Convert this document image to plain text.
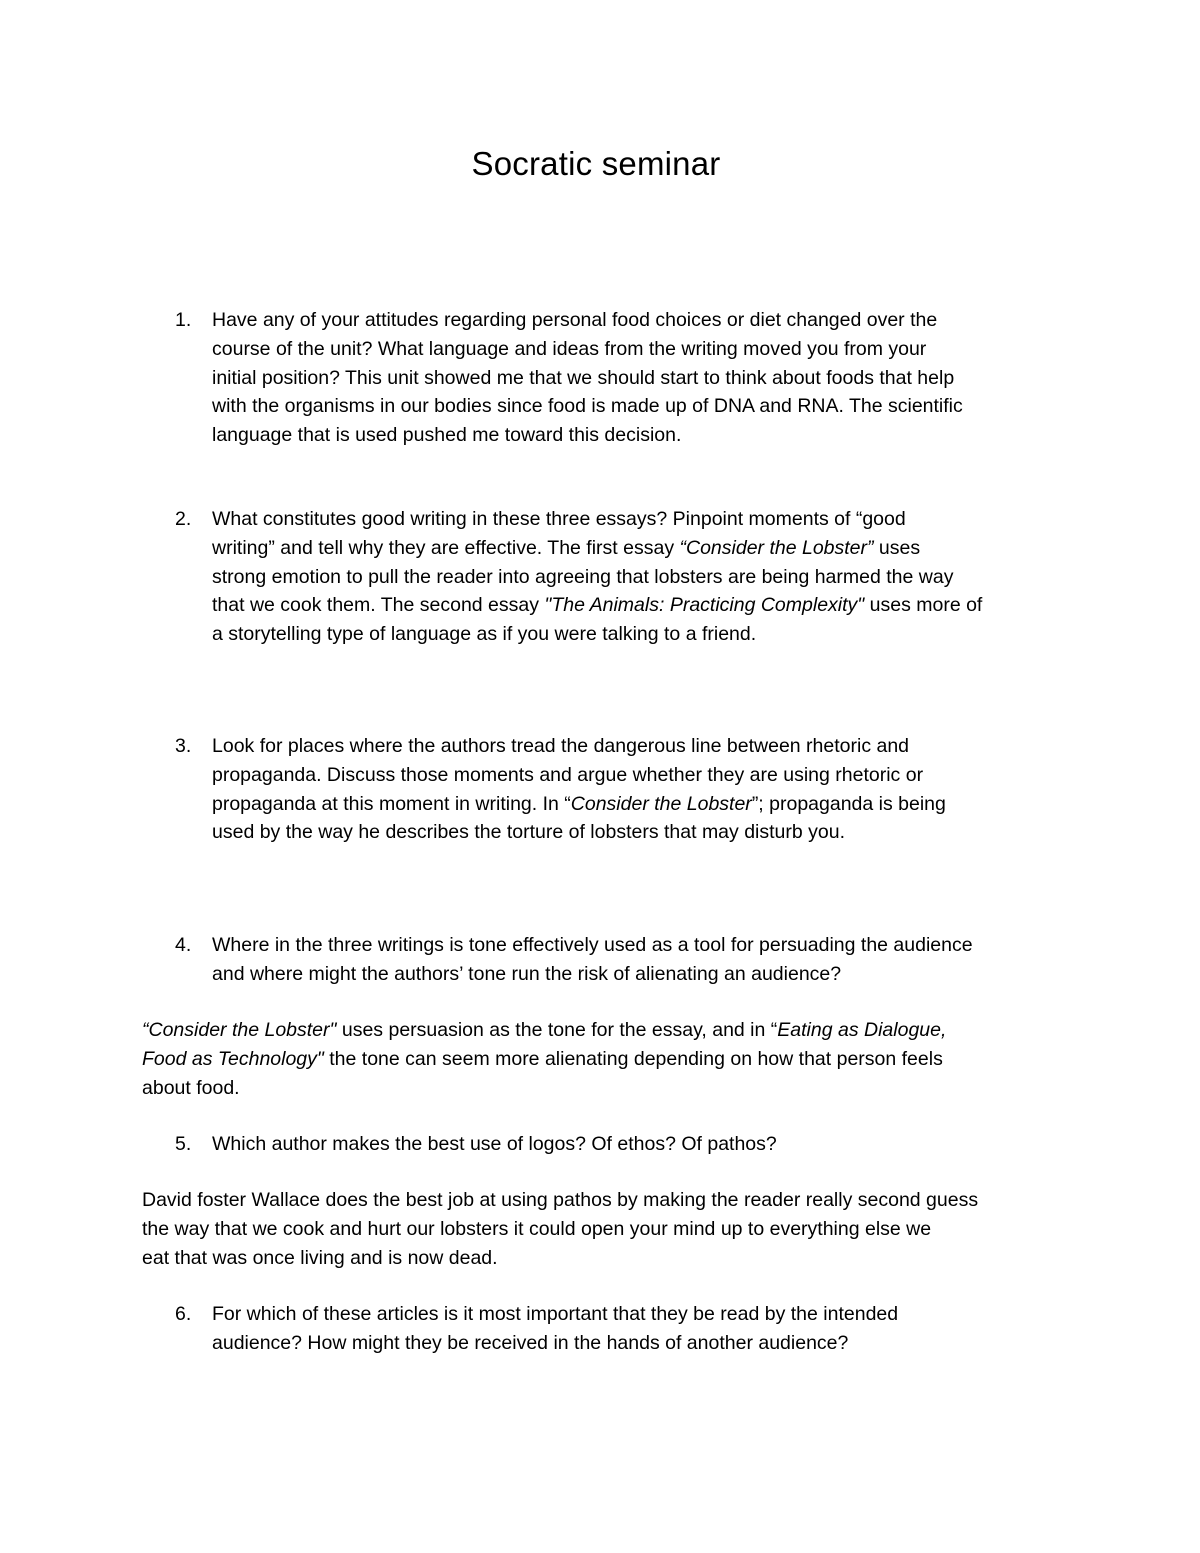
Socratic seminar
1. Have any of your attitudes regarding personal food choices or diet changed over the
course of the unit? What language and ideas from the writing moved you from your
initial position? This unit showed me that we should start to think about foods that help
with the organisms in our bodies since food is made up of DNA and RNA. The scientific
language that is used pushed me toward this decision.
2. What constitutes good writing in these three essays? Pinpoint moments of “good
writing” and tell why they are effective. The first essay “Consider the Lobster” uses
strong emotion to pull the reader into agreeing that lobsters are being harmed the way
that we cook them. The second essay "The Animals: Practicing Complexity" uses more of
a storytelling type of language as if you were talking to a friend.
3. Look for places where the authors tread the dangerous line between rhetoric and
propaganda. Discuss those moments and argue whether they are using rhetoric or
propaganda at this moment in writing. In “Consider the Lobster”; propaganda is being
used by the way he describes the torture of lobsters that may disturb you.
4. Where in the three writings is tone effectively used as a tool for persuading the audience
and where might the authors’ tone run the risk of alienating an audience?
“Consider the Lobster" uses persuasion as the tone for the essay, and in “Eating as Dialogue,
Food as Technology" the tone can seem more alienating depending on how that person feels
about food.
5. Which author makes the best use of logos? Of ethos? Of pathos?
David foster Wallace does the best job at using pathos by making the reader really second guess
the way that we cook and hurt our lobsters it could open your mind up to everything else we
eat that was once living and is now dead.
6. For which of these articles is it most important that they be read by the intended
audience? How might they be received in the hands of another audience?
